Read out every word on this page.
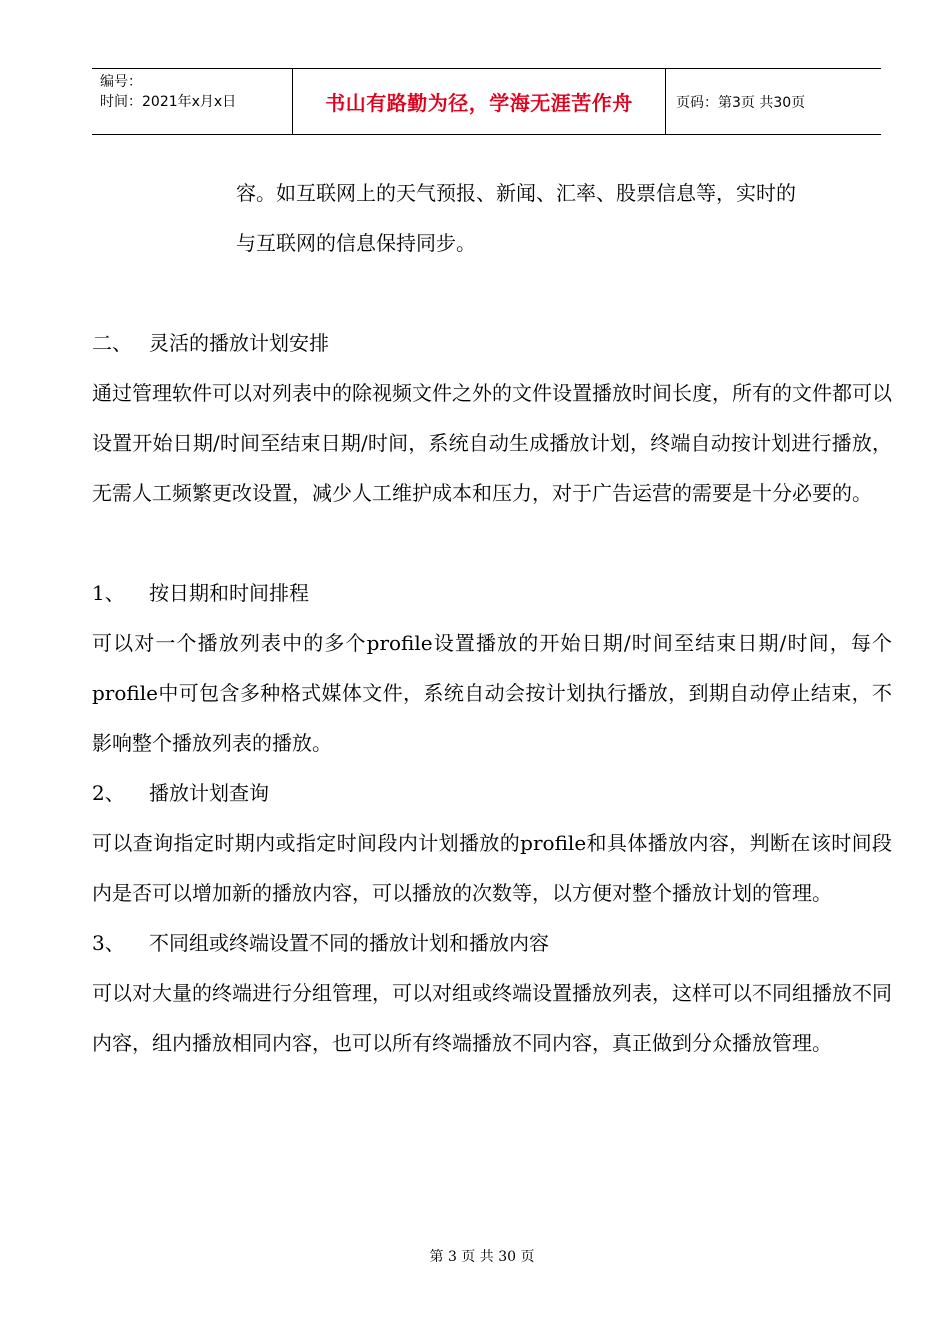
编号：
时间：2021年x月x日	书山有路勤为径，学海无涯苦作舟	页码：第3页 共30页

容。如互联网上的天气预报、新闻、汇率、股票信息等，实时的

与互联网的信息保持同步。

二、 灵活的播放计划安排

通过管理软件可以对列表中的除视频文件之外的文件设置播放时间长度，所有的文件都可以设置开始日期/时间至结束日期/时间，系统自动生成播放计划，终端自动按计划进行播放，无需人工频繁更改设置，减少人工维护成本和压力，对于广告运营的需要是十分必要的。

1、	按日期和时间排程

可以对一个播放列表中的多个profile设置播放的开始日期/时间至结束日期/时间，每个profile中可包含多种格式媒体文件，系统自动会按计划执行播放，到期自动停止结束，不影响整个播放列表的播放。

2、	播放计划查询

可以查询指定时期内或指定时间段内计划播放的profile和具体播放内容，判断在该时间段内是否可以增加新的播放内容，可以播放的次数等，以方便对整个播放计划的管理。

3、	不同组或终端设置不同的播放计划和播放内容

可以对大量的终端进行分组管理，可以对组或终端设置播放列表，这样可以不同组播放不同内容，组内播放相同内容，也可以所有终端播放不同内容，真正做到分众播放管理。

第 3 页 共 30 页
